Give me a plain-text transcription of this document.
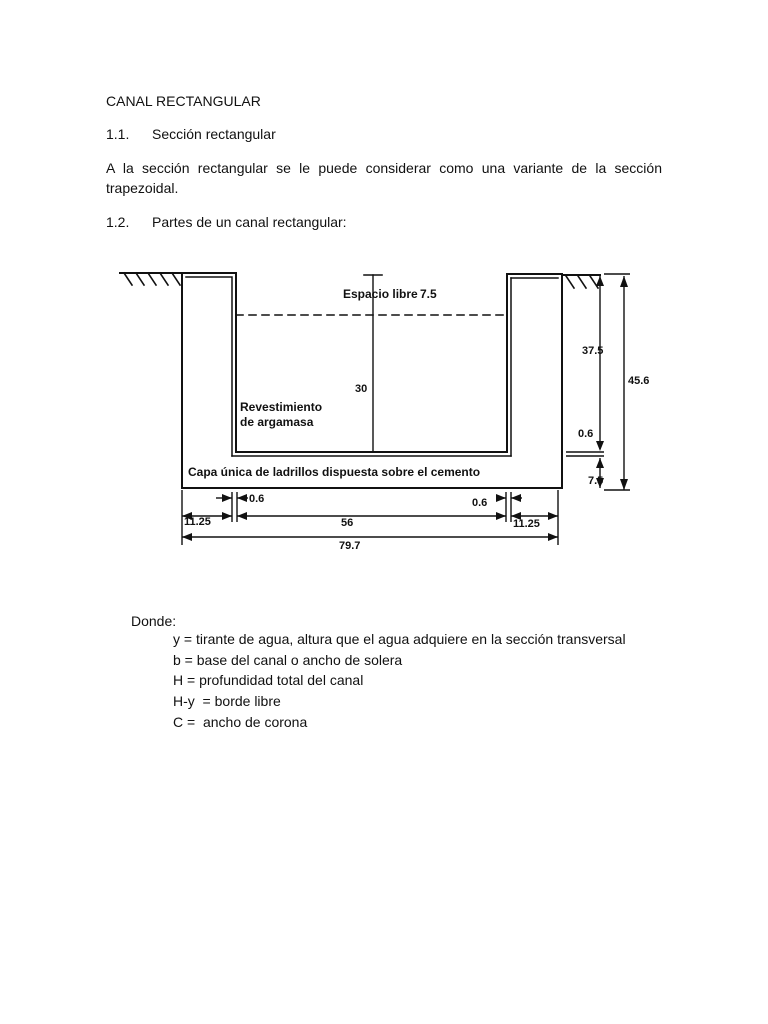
CANAL RECTANGULAR
1.1. Sección rectangular
A la sección rectangular se le puede considerar como una variante de la sección trapezoidal.
1.2. Partes de un canal rectangular:
Espacio libre 7.5
30
Revestimiento
de argamasa
Capa única de ladrillos dispuesta sobre el cemento
37.5
45.6
0.6
7.5
0.6	0.6
11.25	56	11.25
79.7
Donde:
y = tirante de agua, altura que el agua adquiere en la sección transversal
b = base del canal o ancho de solera
H = profundidad total del canal
H-y  = borde libre
C =  ancho de corona
